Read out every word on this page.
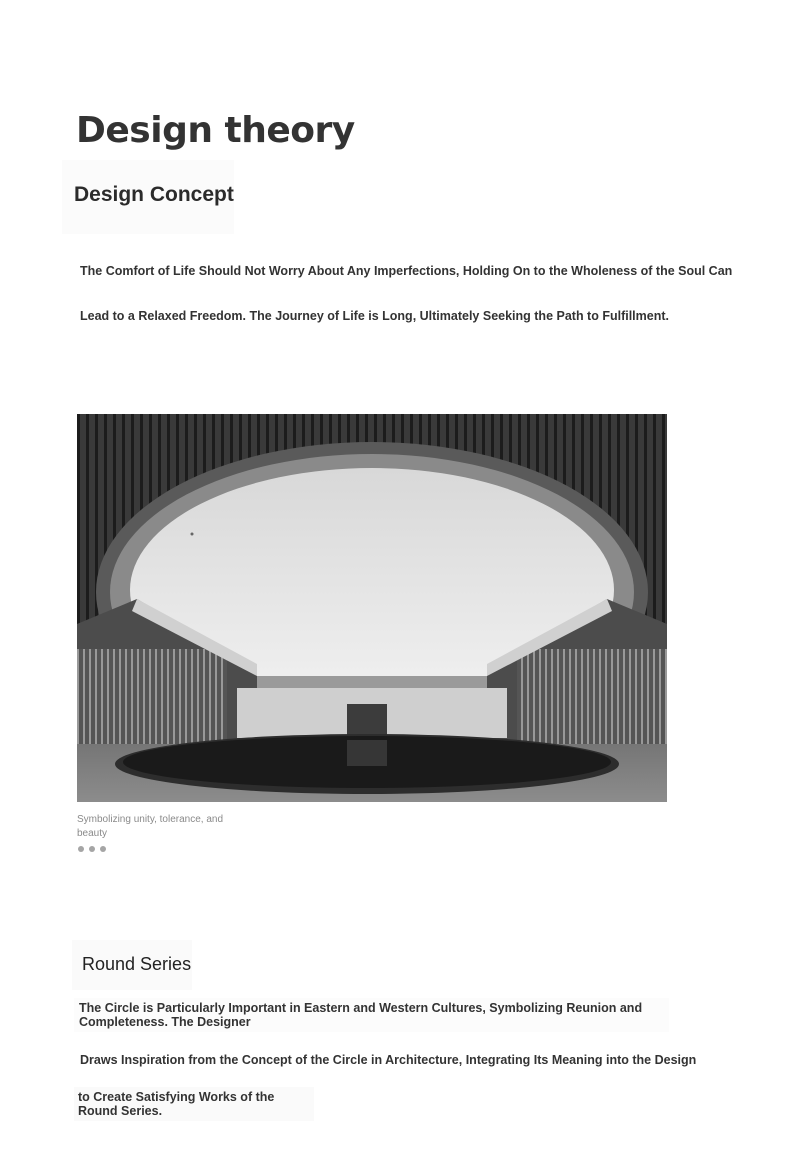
Design theory
Design Concept
The Comfort of Life Should Not Worry About Any Imperfections, Holding On to the Wholeness of the Soul Can
Lead to a Relaxed Freedom. The Journey of Life is Long, Ultimately Seeking the Path to Fulfillment.
Symbolizing unity, tolerance, and beauty
Round Series
The Circle is Particularly Important in Eastern and Western Cultures, Symbolizing Reunion and Completeness. The Designer
Draws Inspiration from the Concept of the Circle in Architecture, Integrating Its Meaning into the Design
to Create Satisfying Works of the Round Series.
